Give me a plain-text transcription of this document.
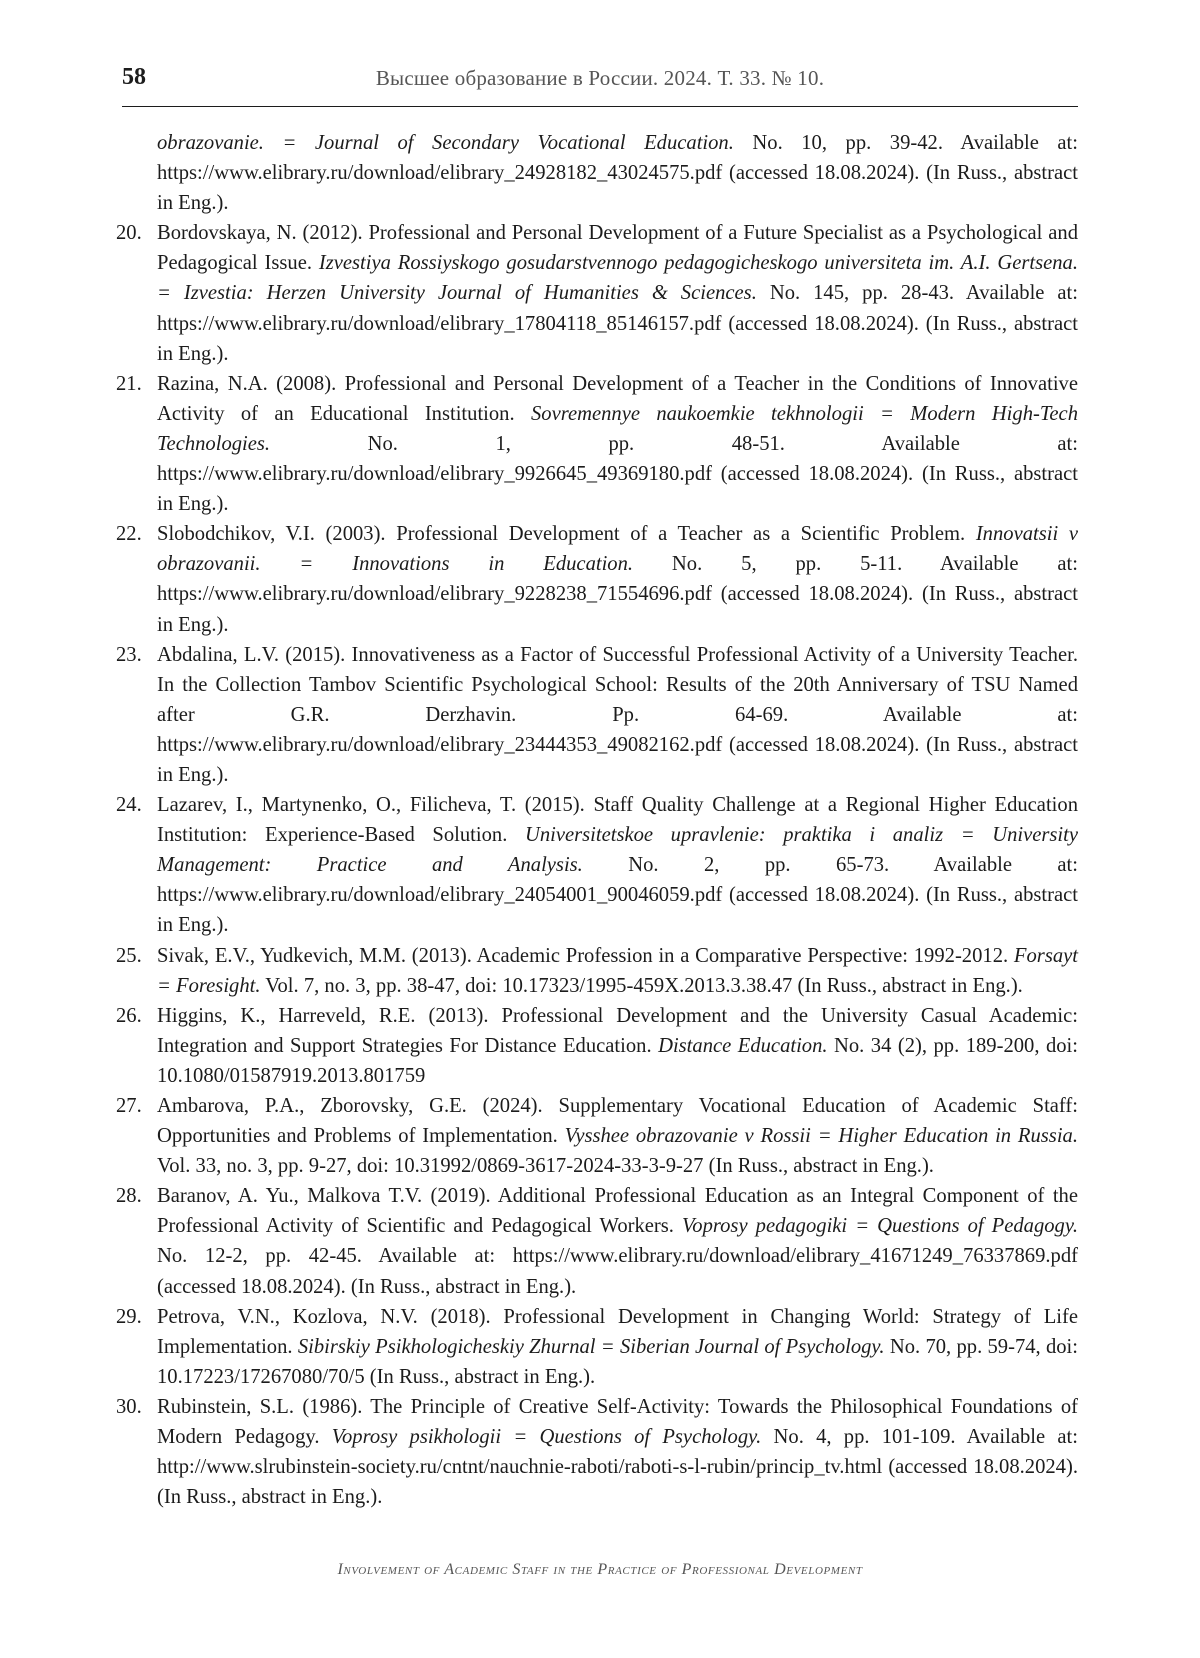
58	Высшее образование в России. 2024. Т. 33. № 10.
obrazovanie. = Journal of Secondary Vocational Education. No. 10, pp. 39-42. Available at: https://www.elibrary.ru/download/elibrary_24928182_43024575.pdf (accessed 18.08.2024). (In Russ., abstract in Eng.).
20. Bordovskaya, N. (2012). Professional and Personal Development of a Future Specialist as a Psychological and Pedagogical Issue. Izvestiya Rossiyskogo gosudarstvennogo pedagogicheskogo universiteta im. A.I. Gertsena. = Izvestia: Herzen University Journal of Humanities & Sciences. No. 145, pp. 28-43. Available at: https://www.elibrary.ru/download/elibrary_17804118_85146157.pdf (accessed 18.08.2024). (In Russ., abstract in Eng.).
21. Razina, N.A. (2008). Professional and Personal Development of a Teacher in the Conditions of Innovative Activity of an Educational Institution. Sovremennye naukoemkie tekhnologii = Modern High-Tech Technologies. No. 1, pp. 48-51. Available at: https://www.elibrary.ru/download/elibrary_9926645_49369180.pdf (accessed 18.08.2024). (In Russ., abstract in Eng.).
22. Slobodchikov, V.I. (2003). Professional Development of a Teacher as a Scientific Problem. Innovatsii v obrazovanii. = Innovations in Education. No. 5, pp. 5-11. Available at: https://www.elibrary.ru/download/elibrary_9228238_71554696.pdf (accessed 18.08.2024). (In Russ., abstract in Eng.).
23. Abdalina, L.V. (2015). Innovativeness as a Factor of Successful Professional Activity of a University Teacher. In the Collection Tambov Scientific Psychological School: Results of the 20th Anniversary of TSU Named after G.R. Derzhavin. Pp. 64-69. Available at: https://www.elibrary.ru/download/elibrary_23444353_49082162.pdf (accessed 18.08.2024). (In Russ., abstract in Eng.).
24. Lazarev, I., Martynenko, O., Filicheva, T. (2015). Staff Quality Challenge at a Regional Higher Education Institution: Experience-Based Solution. Universitetskoe upravlenie: praktika i analiz = University Management: Practice and Analysis. No. 2, pp. 65-73. Available at: https://www.elibrary.ru/download/elibrary_24054001_90046059.pdf (accessed 18.08.2024). (In Russ., abstract in Eng.).
25. Sivak, E.V., Yudkevich, M.M. (2013). Academic Profession in a Comparative Perspective: 1992-2012. Forsayt = Foresight. Vol. 7, no. 3, pp. 38-47, doi: 10.17323/1995-459X.2013.3.38.47 (In Russ., abstract in Eng.).
26. Higgins, K., Harreveld, R.E. (2013). Professional Development and the University Casual Academic: Integration and Support Strategies For Distance Education. Distance Education. No. 34 (2), pp. 189-200, doi: 10.1080/01587919.2013.801759
27. Ambarova, P.A., Zborovsky, G.E. (2024). Supplementary Vocational Education of Academic Staff: Opportunities and Problems of Implementation. Vysshee obrazovanie v Rossii = Higher Education in Russia. Vol. 33, no. 3, pp. 9-27, doi: 10.31992/0869-3617-2024-33-3-9-27 (In Russ., abstract in Eng.).
28. Baranov, A. Yu., Malkova T.V. (2019). Additional Professional Education as an Integral Component of the Professional Activity of Scientific and Pedagogical Workers. Voprosy pedagogiki = Questions of Pedagogy. No. 12-2, pp. 42-45. Available at: https://www.elibrary.ru/download/elibrary_41671249_76337869.pdf (accessed 18.08.2024). (In Russ., abstract in Eng.).
29. Petrova, V.N., Kozlova, N.V. (2018). Professional Development in Changing World: Strategy of Life Implementation. Sibirskiy Psikhologicheskiy Zhurnal = Siberian Journal of Psychology. No. 70, pp. 59-74, doi: 10.17223/17267080/70/5 (In Russ., abstract in Eng.).
30. Rubinstein, S.L. (1986). The Principle of Creative Self-Activity: Towards the Philosophical Foundations of Modern Pedagogy. Voprosy psikhologii = Questions of Psychology. No. 4, pp. 101-109. Available at: http://www.slrubinstein-society.ru/cntnt/nauchnie-raboti/raboti-s-l-rubin/princip_tv.html (accessed 18.08.2024). (In Russ., abstract in Eng.).
Involvement of Academic Staff in the Practice of Professional Development
